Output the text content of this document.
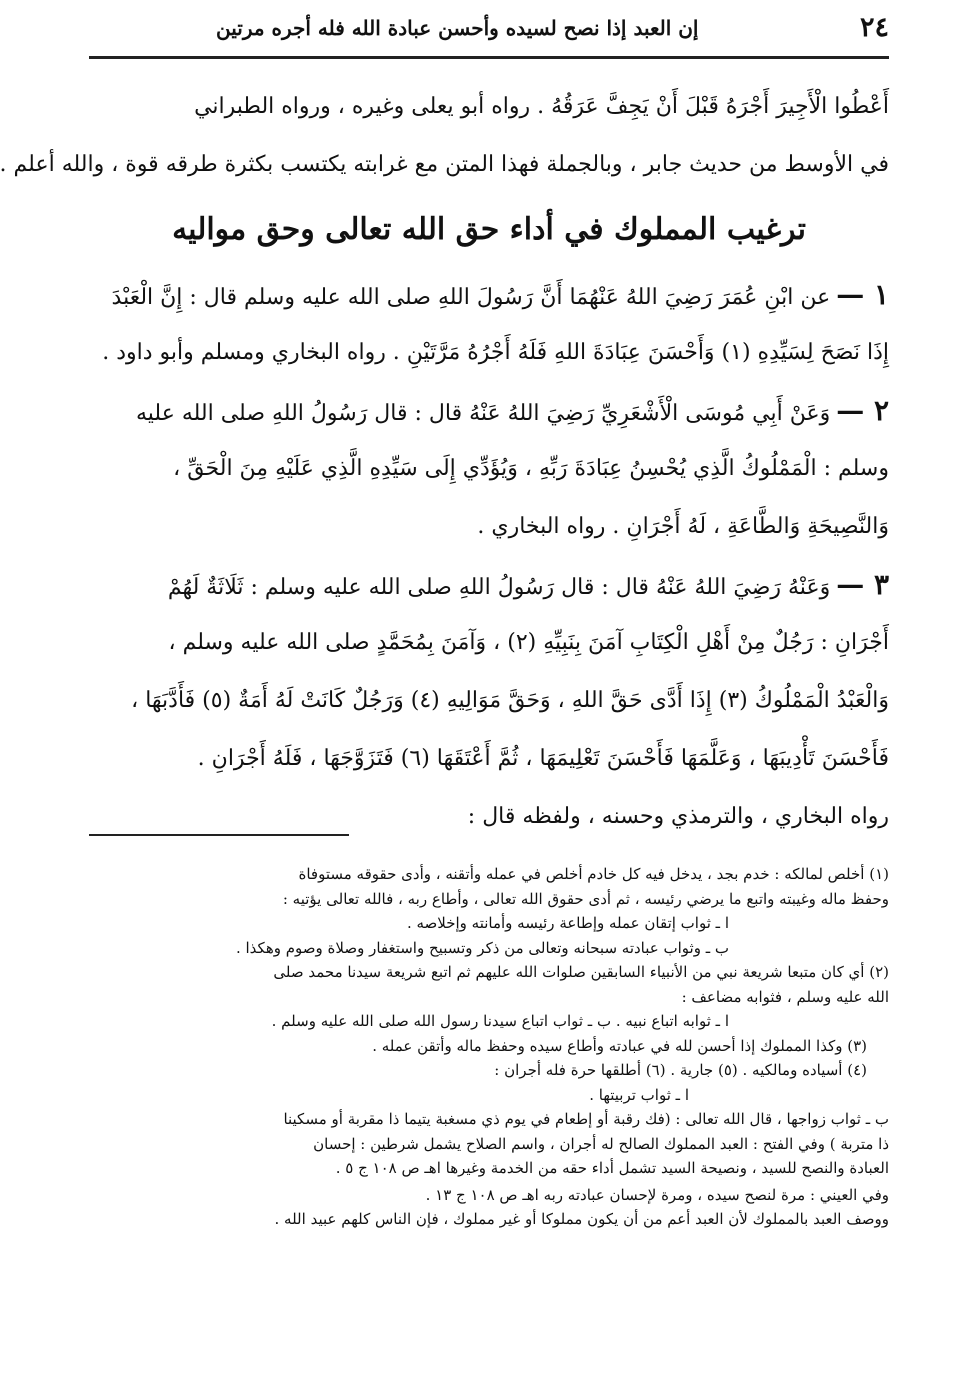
٢٤
إن العبد إذا نصح لسيده وأحسن عبادة الله فله أجره مرتين
أَعْطُوا الْأَجِيرَ أَجْرَهُ قَبْلَ أَنْ يَجِفَّ عَرَقُهُ . رواه أبو يعلى وغيره ، ورواه الطبراني
في الأوسط من حديث جابر ، وبالجملة فهذا المتن مع غرابته يكتسب بكثرة طرقه قوة ، والله أعلم .
ترغيب المملوك في أداء حق الله تعالى وحق مواليه
١ —عن ابْنِ عُمَرَ رَضِيَ اللهُ عَنْهُمَا أَنَّ رَسُولَ اللهِ صلى الله عليه وسلم قال : إِنَّ الْعَبْدَ
إِذَا نَصَحَ لِسَيِّدِهِ (١) وَأَحْسَنَ عِبَادَةَ اللهِ فَلَهُ أَجْرُهُ مَرَّتَيْنِ . رواه البخاري ومسلم وأبو داود .
٢ —وَعَنْ أَبِي مُوسَى الْأَشْعَرِيِّ رَضِيَ اللهُ عَنْهُ قال : قال رَسُولُ اللهِ صلى الله عليه
وسلم : الْمَمْلُوكُ الَّذِي يُحْسِنُ عِبَادَةَ رَبِّهِ ، وَيُؤَدِّي إِلَى سَيِّدِهِ الَّذِي عَلَيْهِ مِنَ الْحَقِّ ،
وَالنَّصِيحَةِ وَالطَّاعَةِ ، لَهُ أَجْرَانِ . رواه البخاري .
٣ —وَعَنْهُ رَضِيَ اللهُ عَنْهُ قال : قال رَسُولُ اللهِ صلى الله عليه وسلم : ثَلَاثَةٌ لَهُمْ
أَجْرَانِ : رَجُلٌ مِنْ أَهْلِ الْكِتَابِ آمَنَ بِنَبِيِّهِ (٢) ، وَآمَنَ بِمُحَمَّدٍ صلى الله عليه وسلم ،
وَالْعَبْدُ الْمَمْلُوكُ (٣) إِذَا أَدَّى حَقَّ اللهِ ، وَحَقَّ مَوَالِيهِ (٤) وَرَجُلٌ كَانَتْ لَهُ أَمَةٌ (٥) فَأَدَّبَهَا ،
فَأَحْسَنَ تَأْدِيبَهَا ، وَعَلَّمَهَا فَأَحْسَنَ تَعْلِيمَهَا ، ثُمَّ أَعْتَقَهَا (٦) فَتَزَوَّجَهَا ، فَلَهُ أَجْرَانِ .
رواه البخاري ، والترمذي وحسنه ، ولفظه قال :
(١) أخلص لمالكه : خدم بجد ، يدخل فيه كل خادم أخلص في عمله وأتقنه ، وأدى حقوقه مستوفاة
وحفظ ماله وغيبته واتبع ما يرضي رئيسه ، ثم أدى حقوق الله تعالى ، وأطاع ربه ، فالله تعالى يؤتيه :
ا ـ ثواب إتقان عمله وإطاعة رئيسه وأمانته وإخلاصه .
ب ـ وثواب عبادته سبحانه وتعالى من ذكر وتسبيح واستغفار وصلاة وصوم وهكذا .
(٢) أي كان متبعا شريعة نبي من الأنبياء السابقين صلوات الله عليهم ثم اتبع شريعة سيدنا محمد صلى
الله عليه وسلم ، فثوابه مضاعف :
ا ـ ثوابه اتباع نبيه . ب ـ ثواب اتباع سيدنا رسول الله صلى الله عليه وسلم .
(٣) وكذا المملوك إذا أحسن لله في عبادته وأطاع سيده وحفظ ماله وأتقن عمله .
(٤) أسياده ومالكيه . (٥) جارية . (٦) أطلقها حرة فله أجران :
ا ـ ثواب تربيتها .
ب ـ ثواب زواجها ، قال الله تعالى : (فك رقبة أو إطعام في يوم ذي مسغبة يتيما ذا مقربة أو مسكينا
ذا متربة ) وفي الفتح : العبد المملوك الصالح له أجران ، واسم الصلاح يشمل شرطين : إحسان
العبادة والنصح للسيد ، ونصيحة السيد تشمل أداء حقه من الخدمة وغيرها اهـ ص ١٠٨ ج ٥ .
وفي العيني : مرة لنصح سيده ، ومرة لإحسان عبادته ربه اهـ ص ١٠٨ ج ١٣ .
ووصف العبد بالمملوك لأن العبد أعم من أن يكون مملوكا أو غير مملوك ، فإن الناس كلهم عبيد الله .
